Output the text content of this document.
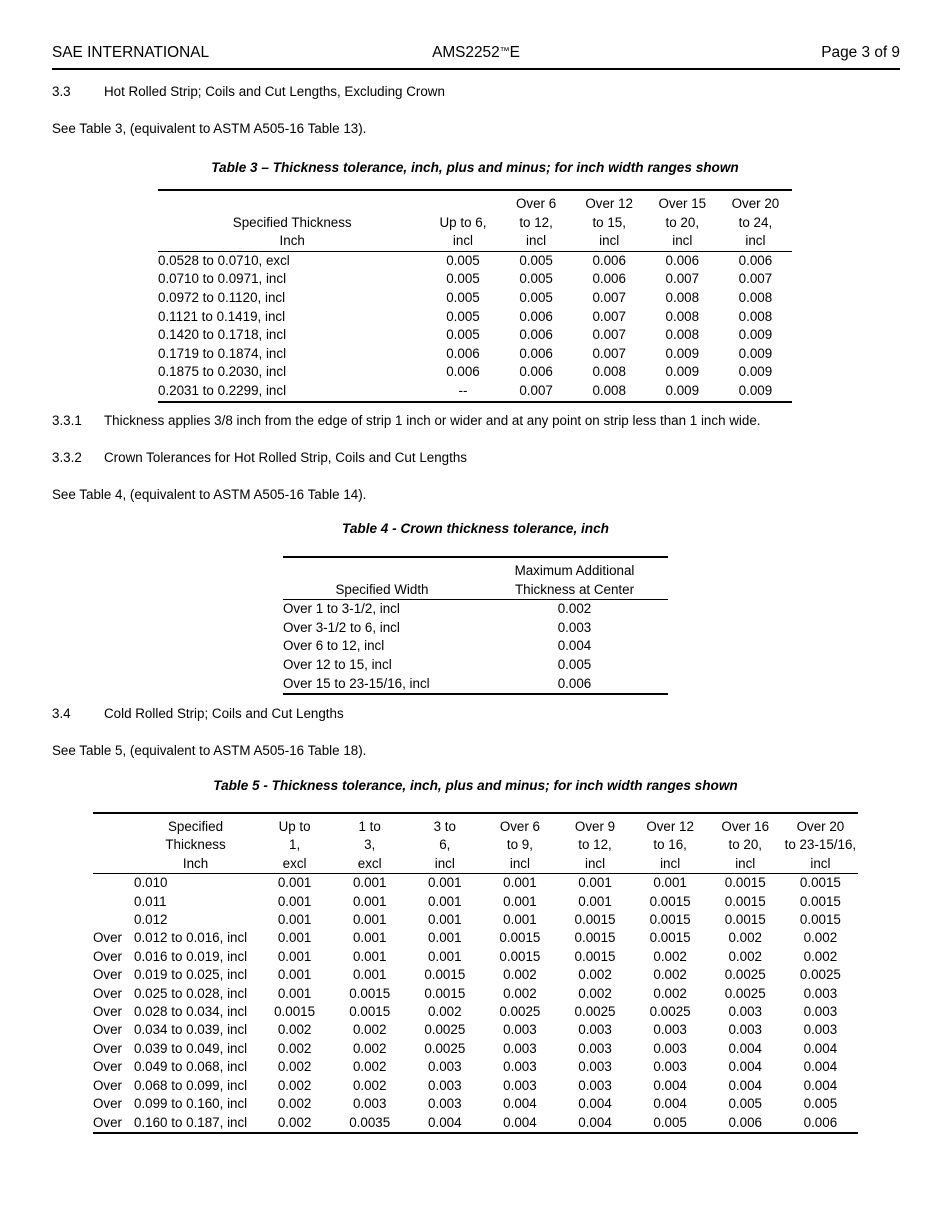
SAE INTERNATIONAL	AMS2252™E	Page 3 of 9
3.3 Hot Rolled Strip; Coils and Cut Lengths, Excluding Crown
See Table 3, (equivalent to ASTM A505-16 Table 13).
Table 3 – Thickness tolerance, inch, plus and minus; for inch width ranges shown

		Over 6	Over 12	Over 15	Over 20
Specified Thickness	Up to 6,	to 12,	to 15,	to 20,	to 24,
Inch	incl	incl	incl	incl	incl
0.0528 to 0.0710, excl	0.005	0.005	0.006	0.006	0.006
0.0710 to 0.0971, incl	0.005	0.005	0.006	0.007	0.007
0.0972 to 0.1120, incl	0.005	0.005	0.007	0.008	0.008
0.1121 to 0.1419, incl	0.005	0.006	0.007	0.008	0.008
0.1420 to 0.1718, incl	0.005	0.006	0.007	0.008	0.009
0.1719 to 0.1874, incl	0.006	0.006	0.007	0.009	0.009
0.1875 to 0.2030, incl	0.006	0.006	0.008	0.009	0.009
0.2031 to 0.2299, incl	--	0.007	0.008	0.009	0.009
3.3.1 Thickness applies 3/8 inch from the edge of strip 1 inch or wider and at any point on strip less than 1 inch wide.
3.3.2 Crown Tolerances for Hot Rolled Strip, Coils and Cut Lengths
See Table 4, (equivalent to ASTM A505-16 Table 14).
Table 4 - Crown thickness tolerance, inch

	Maximum Additional
Specified Width	Thickness at Center
Over 1 to 3-1/2, incl	0.002
Over 3-1/2 to 6, incl	0.003
Over 6 to 12, incl	0.004
Over 12 to 15, incl	0.005
Over 15 to 23-15/16, incl	0.006
3.4 Cold Rolled Strip; Coils and Cut Lengths
See Table 5, (equivalent to ASTM A505-16 Table 18).
Table 5 - Thickness tolerance, inch, plus and minus; for inch width ranges shown

	Specified	Up to	1 to	3 to	Over 6	Over 9	Over 12	Over 16	Over 20
	Thickness	1,	3,	6,	to 9,	to 12,	to 16,	to 20,	to 23-15/16,
	Inch	excl	excl	incl	incl	incl	incl	incl	incl
	0.010	0.001	0.001	0.001	0.001	0.001	0.001	0.0015	0.0015
	0.011	0.001	0.001	0.001	0.001	0.001	0.0015	0.0015	0.0015
	0.012	0.001	0.001	0.001	0.001	0.0015	0.0015	0.0015	0.0015
Over	0.012 to 0.016, incl	0.001	0.001	0.001	0.0015	0.0015	0.0015	0.002	0.002
Over	0.016 to 0.019, incl	0.001	0.001	0.001	0.0015	0.0015	0.002	0.002	0.002
Over	0.019 to 0.025, incl	0.001	0.001	0.0015	0.002	0.002	0.002	0.0025	0.0025
Over	0.025 to 0.028, incl	0.001	0.0015	0.0015	0.002	0.002	0.002	0.0025	0.003
Over	0.028 to 0.034, incl	0.0015	0.0015	0.002	0.0025	0.0025	0.0025	0.003	0.003
Over	0.034 to 0.039, incl	0.002	0.002	0.0025	0.003	0.003	0.003	0.003	0.003
Over	0.039 to 0.049, incl	0.002	0.002	0.0025	0.003	0.003	0.003	0.004	0.004
Over	0.049 to 0.068, incl	0.002	0.002	0.003	0.003	0.003	0.003	0.004	0.004
Over	0.068 to 0.099, incl	0.002	0.002	0.003	0.003	0.003	0.004	0.004	0.004
Over	0.099 to 0.160, incl	0.002	0.003	0.003	0.004	0.004	0.004	0.005	0.005
Over	0.160 to 0.187, incl	0.002	0.0035	0.004	0.004	0.004	0.005	0.006	0.006
